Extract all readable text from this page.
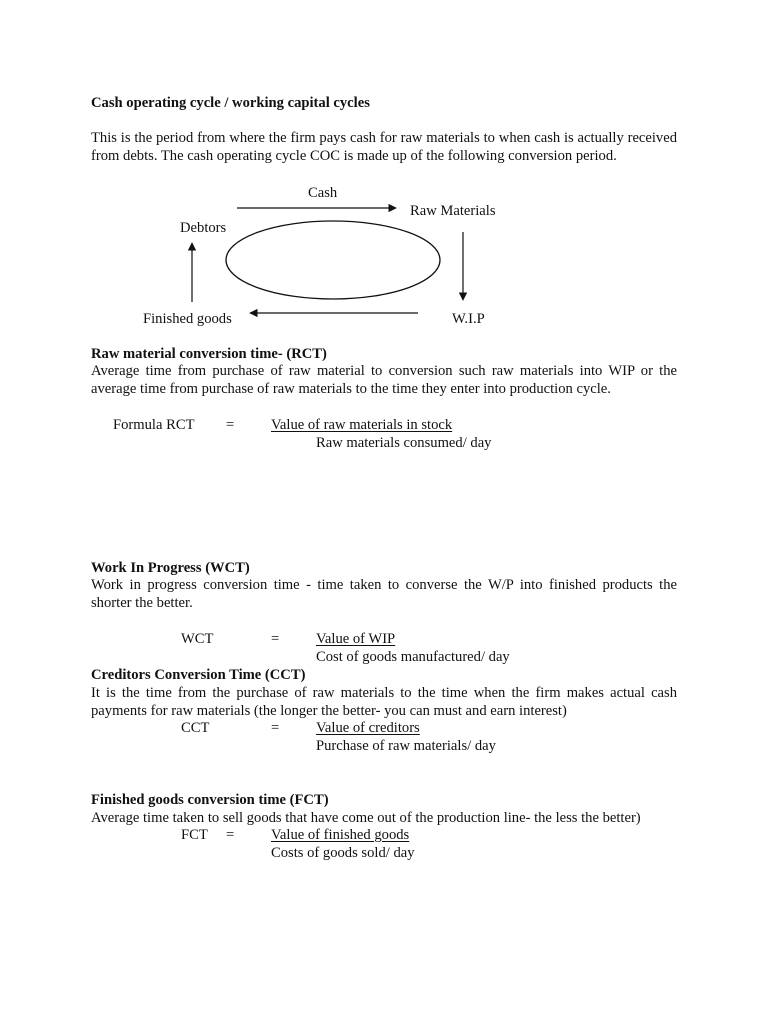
Cash operating cycle / working capital cycles
This is the period from where the firm pays cash for raw materials to when cash is actually received from debts. The cash operating cycle COC is made up of the following conversion period.
Cash
Raw Materials
Debtors
Finished goods	W.I.P
Raw material conversion time- (RCT)
Average time from purchase of raw material to conversion such raw materials into WIP or the average time from purchase of raw materials to the time they enter into production cycle.
Formula RCT =	Value of raw materials in stock
Raw materials consumed/ day
Work In Progress (WCT)
Work in progress conversion time - time taken to converse the W/P into finished products the shorter the better.
WCT	=	Value of WIP
Cost of goods manufactured/ day
Creditors Conversion Time (CCT)
It is the time from the purchase of raw materials to the time when the firm makes actual cash payments for raw materials (the longer the better- you can must and earn interest)
CCT	=	Value of creditors
Purchase of raw materials/ day
Finished goods conversion time (FCT)
Average time taken to sell goods that have come out of the production line- the less the better)
FCT =	Value of finished goods
Costs of goods sold/ day
